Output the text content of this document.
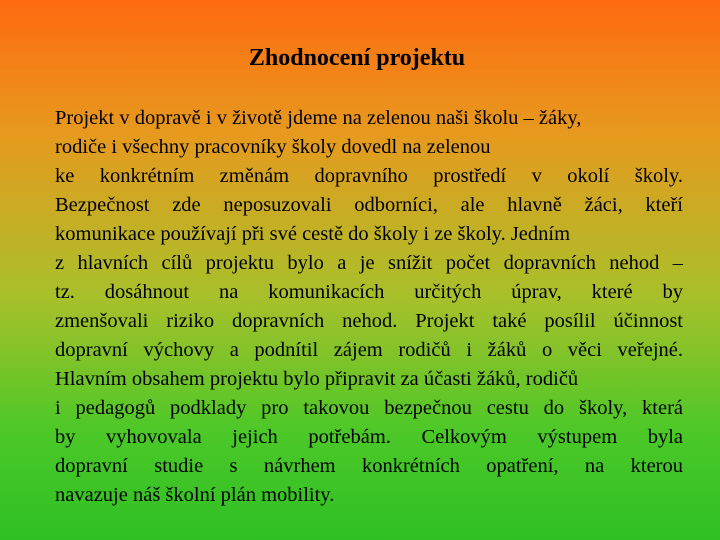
Zhodnocení projektu
Projekt v dopravě i v životě jdeme na zelenou naši školu – žáky,
rodiče i všechny pracovníky školy dovedl na zelenou
ke konkrétním změnám dopravního prostředí v okolí školy.
Bezpečnost zde neposuzovali odborníci, ale hlavně žáci, kteří
komunikace používají při své cestě do školy i ze školy. Jedním
z hlavních cílů projektu bylo a je snížit počet dopravních nehod –
tz. dosáhnout na komunikacích určitých úprav, které by
zmenšovali riziko dopravních nehod. Projekt také posílil účinnost
dopravní výchovy a podnítil zájem rodičů i žáků o věci veřejné.
Hlavním obsahem projektu bylo připravit za účasti žáků, rodičů
i pedagogů podklady pro takovou bezpečnou cestu do školy, která
by vyhovovala jejich potřebám. Celkovým výstupem byla
dopravní studie s návrhem konkrétních opatření, na kterou
navazuje náš školní plán mobility.
